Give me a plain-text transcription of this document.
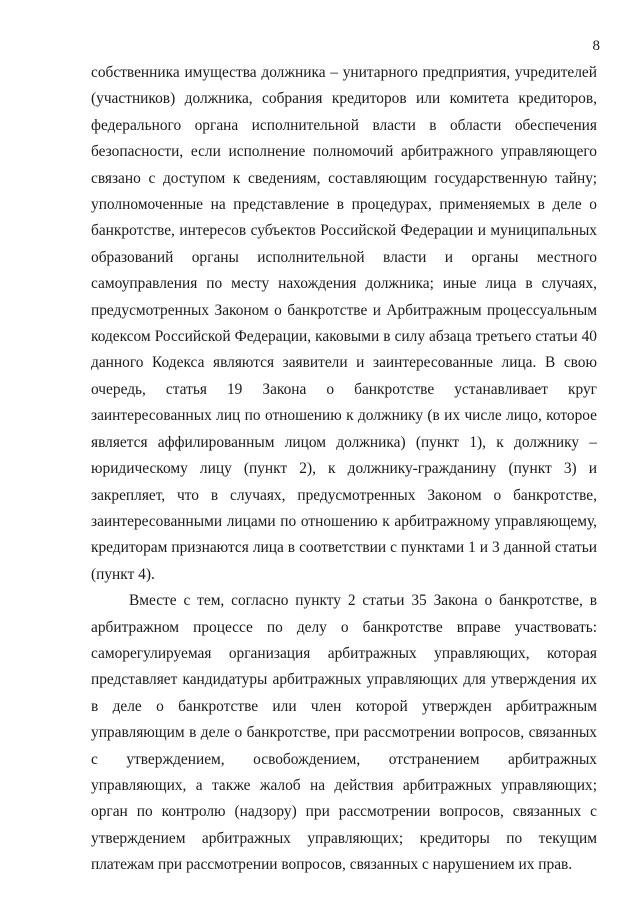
8

собственника имущества должника – унитарного предприятия, учредителей (участников) должника, собрания кредиторов или комитета кредиторов, федерального органа исполнительной власти в области обеспечения безопасности, если исполнение полномочий арбитражного управляющего связано с доступом к сведениям, составляющим государственную тайну; уполномоченные на представление в процедурах, применяемых в деле о банкротстве, интересов субъектов Российской Федерации и муниципальных образований органы исполнительной власти и органы местного самоуправления по месту нахождения должника; иные лица в случаях, предусмотренных Законом о банкротстве и Арбитражным процессуальным кодексом Российской Федерации, каковыми в силу абзаца третьего статьи 40 данного Кодекса являются заявители и заинтересованные лица. В свою очередь, статья 19 Закона о банкротстве устанавливает круг заинтересованных лиц по отношению к должнику (в их числе лицо, которое является аффилированным лицом должника) (пункт 1), к должнику – юридическому лицу (пункт 2), к должнику-гражданину (пункт 3) и закрепляет, что в случаях, предусмотренных Законом о банкротстве, заинтересованными лицами по отношению к арбитражному управляющему, кредиторам признаются лица в соответствии с пунктами 1 и 3 данной статьи (пункт 4).

Вместе с тем, согласно пункту 2 статьи 35 Закона о банкротстве, в арбитражном процессе по делу о банкротстве вправе участвовать: саморегулируемая организация арбитражных управляющих, которая представляет кандидатуры арбитражных управляющих для утверждения их в деле о банкротстве или член которой утвержден арбитражным управляющим в деле о банкротстве, при рассмотрении вопросов, связанных с утверждением, освобождением, отстранением арбитражных управляющих, а также жалоб на действия арбитражных управляющих; орган по контролю (надзору) при рассмотрении вопросов, связанных с утверждением арбитражных управляющих; кредиторы по текущим платежам при рассмотрении вопросов, связанных с нарушением их прав.
